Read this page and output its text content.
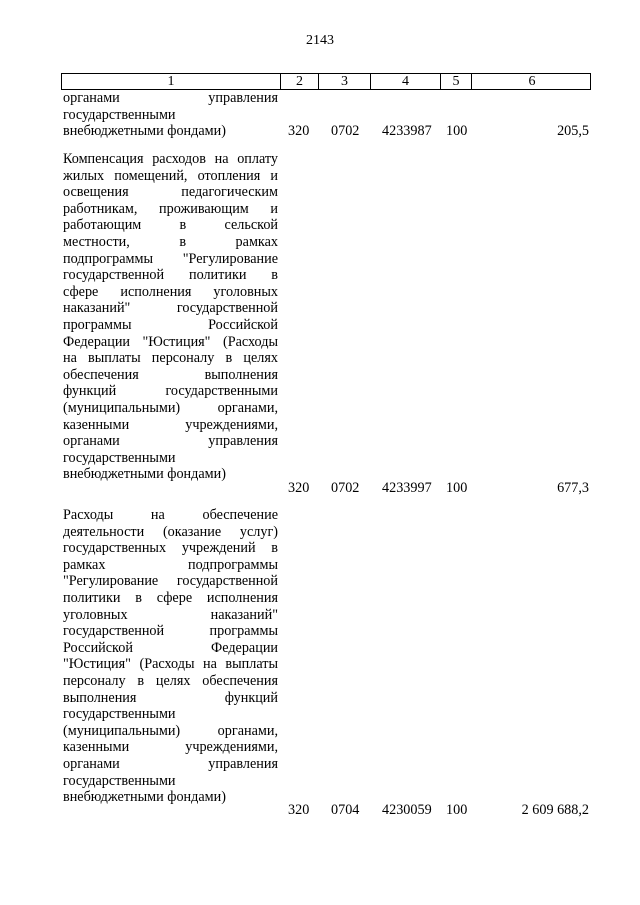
2143
1	2	3	4	5	6
органами управления
государственными
внебюджетными фондами)	320 0702 4233987 100	205,5
Компенсация расходов на оплату
жилых помещений, отопления и
освещения педагогическим
работникам, проживающим и
работающим в сельской
местности, в рамках
подпрограммы "Регулирование
государственной политики в
сфере исполнения уголовных
наказаний" государственной
программы Российской
Федерации "Юстиция" (Расходы
на выплаты персоналу в целях
обеспечения выполнения
функций государственными
(муниципальными) органами,
казенными учреждениями,
органами управления
государственными
внебюджетными фондами)
320 0702 4233997 100	677,3
Расходы на обеспечение
деятельности (оказание услуг)
государственных учреждений в
рамках подпрограммы
"Регулирование государственной
политики в сфере исполнения
уголовных наказаний"
государственной программы
Российской Федерации
"Юстиция" (Расходы на выплаты
персоналу в целях обеспечения
выполнения функций
государственными
(муниципальными) органами,
казенными учреждениями,
органами управления
государственными
внебюджетными фондами)
320 0704 4230059 100	2 609 688,2
